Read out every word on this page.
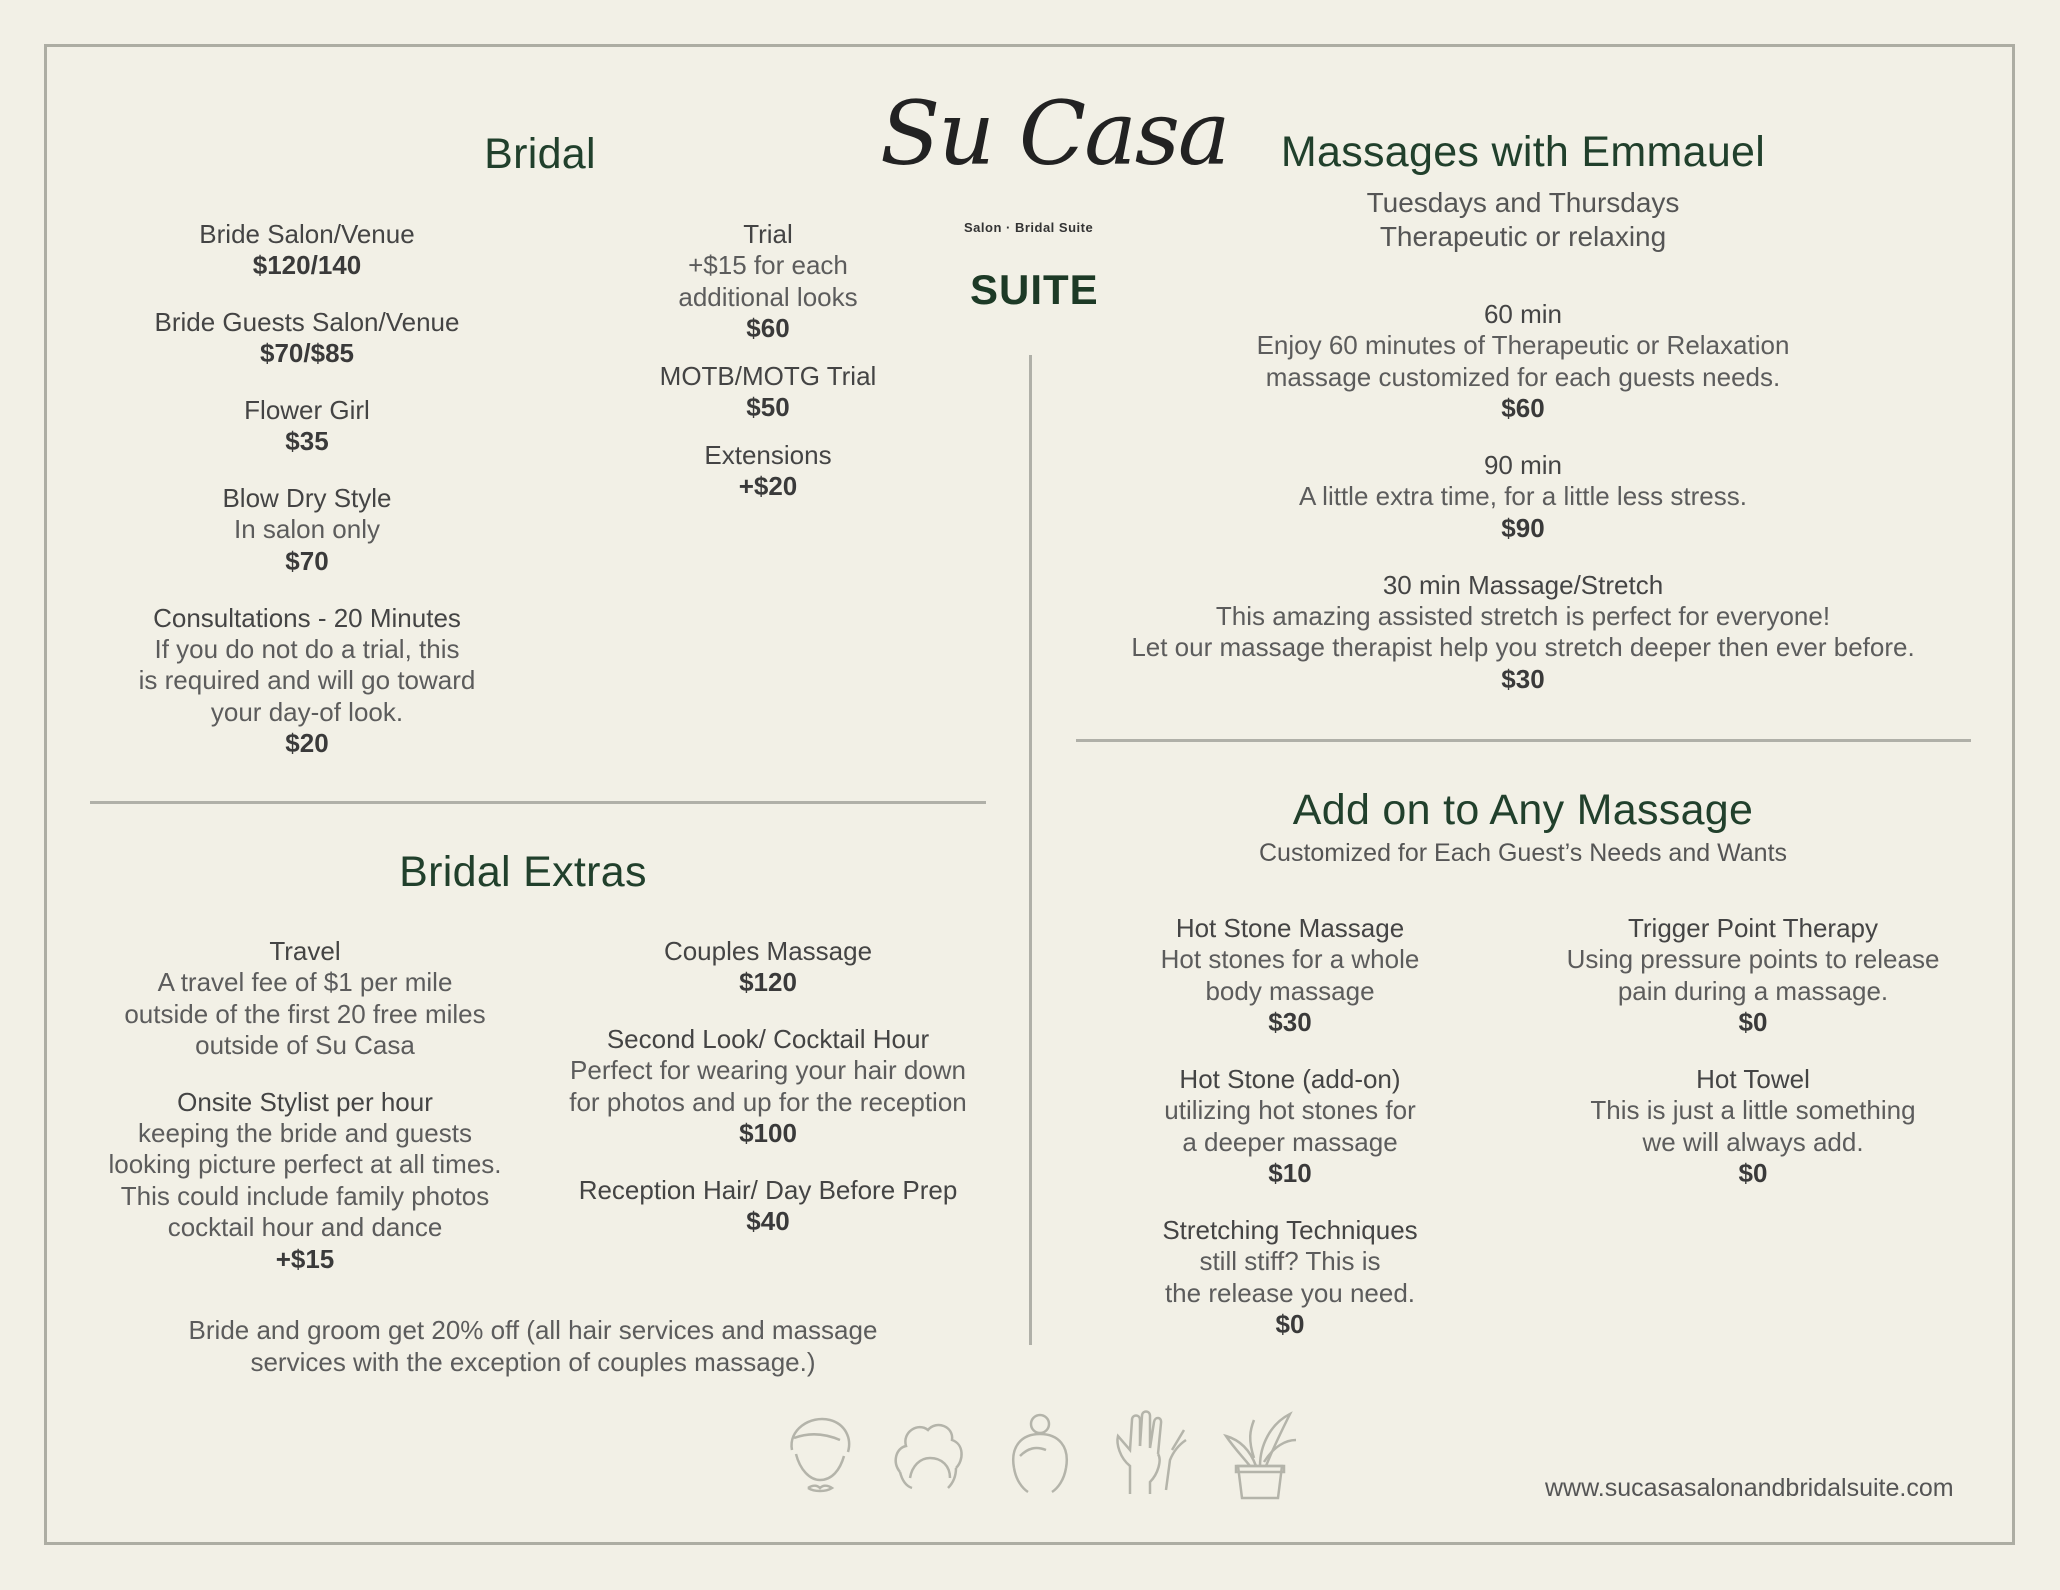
Su Casa
Salon · Bridal Suite
SUITE
Bridal
Bride Salon/Venue
$120/140
Bride Guests Salon/Venue
$70/$85
Flower Girl
$35
Blow Dry Style
In salon only
$70
Consultations - 20 Minutes
If you do not do a trial, this
is required and will go toward
your day-of look.
$20
Trial
+$15 for each
additional looks
$60
MOTB/MOTG Trial
$50
Extensions
+$20
Bridal Extras
Travel
A travel fee of $1 per mile
outside of the first 20 free miles
outside of Su Casa
Onsite Stylist per hour
keeping the bride and guests
looking picture perfect at all times.
This could include family photos
cocktail hour and dance
+$15
Couples Massage
$120
Second Look/ Cocktail Hour
Perfect for wearing your hair down
for photos and up for the reception
$100
Reception Hair/ Day Before Prep
$40
Bride and groom get 20% off (all hair services and massage
services with the exception of couples massage.)
Massages with Emmauel
Tuesdays and Thursdays
Therapeutic or relaxing
60 min
Enjoy 60 minutes of Therapeutic or Relaxation
massage customized for each guests needs.
$60
90 min
A little extra time, for a little less stress.
$90
30 min Massage/Stretch
This amazing assisted stretch is perfect for everyone!
Let our massage therapist help you stretch deeper then ever before.
$30
Add on to Any Massage
Customized for Each Guest’s Needs and Wants
Hot Stone Massage
Hot stones for a whole
body massage
$30
Hot Stone (add-on)
utilizing hot stones for
a deeper massage
$10
Stretching Techniques
still stiff? This is
the release you need.
$0
Trigger Point Therapy
Using pressure points to release
pain during a massage.
$0
Hot Towel
This is just a little something
we will always add.
$0
www.sucasasalonandbridalsuite.com
